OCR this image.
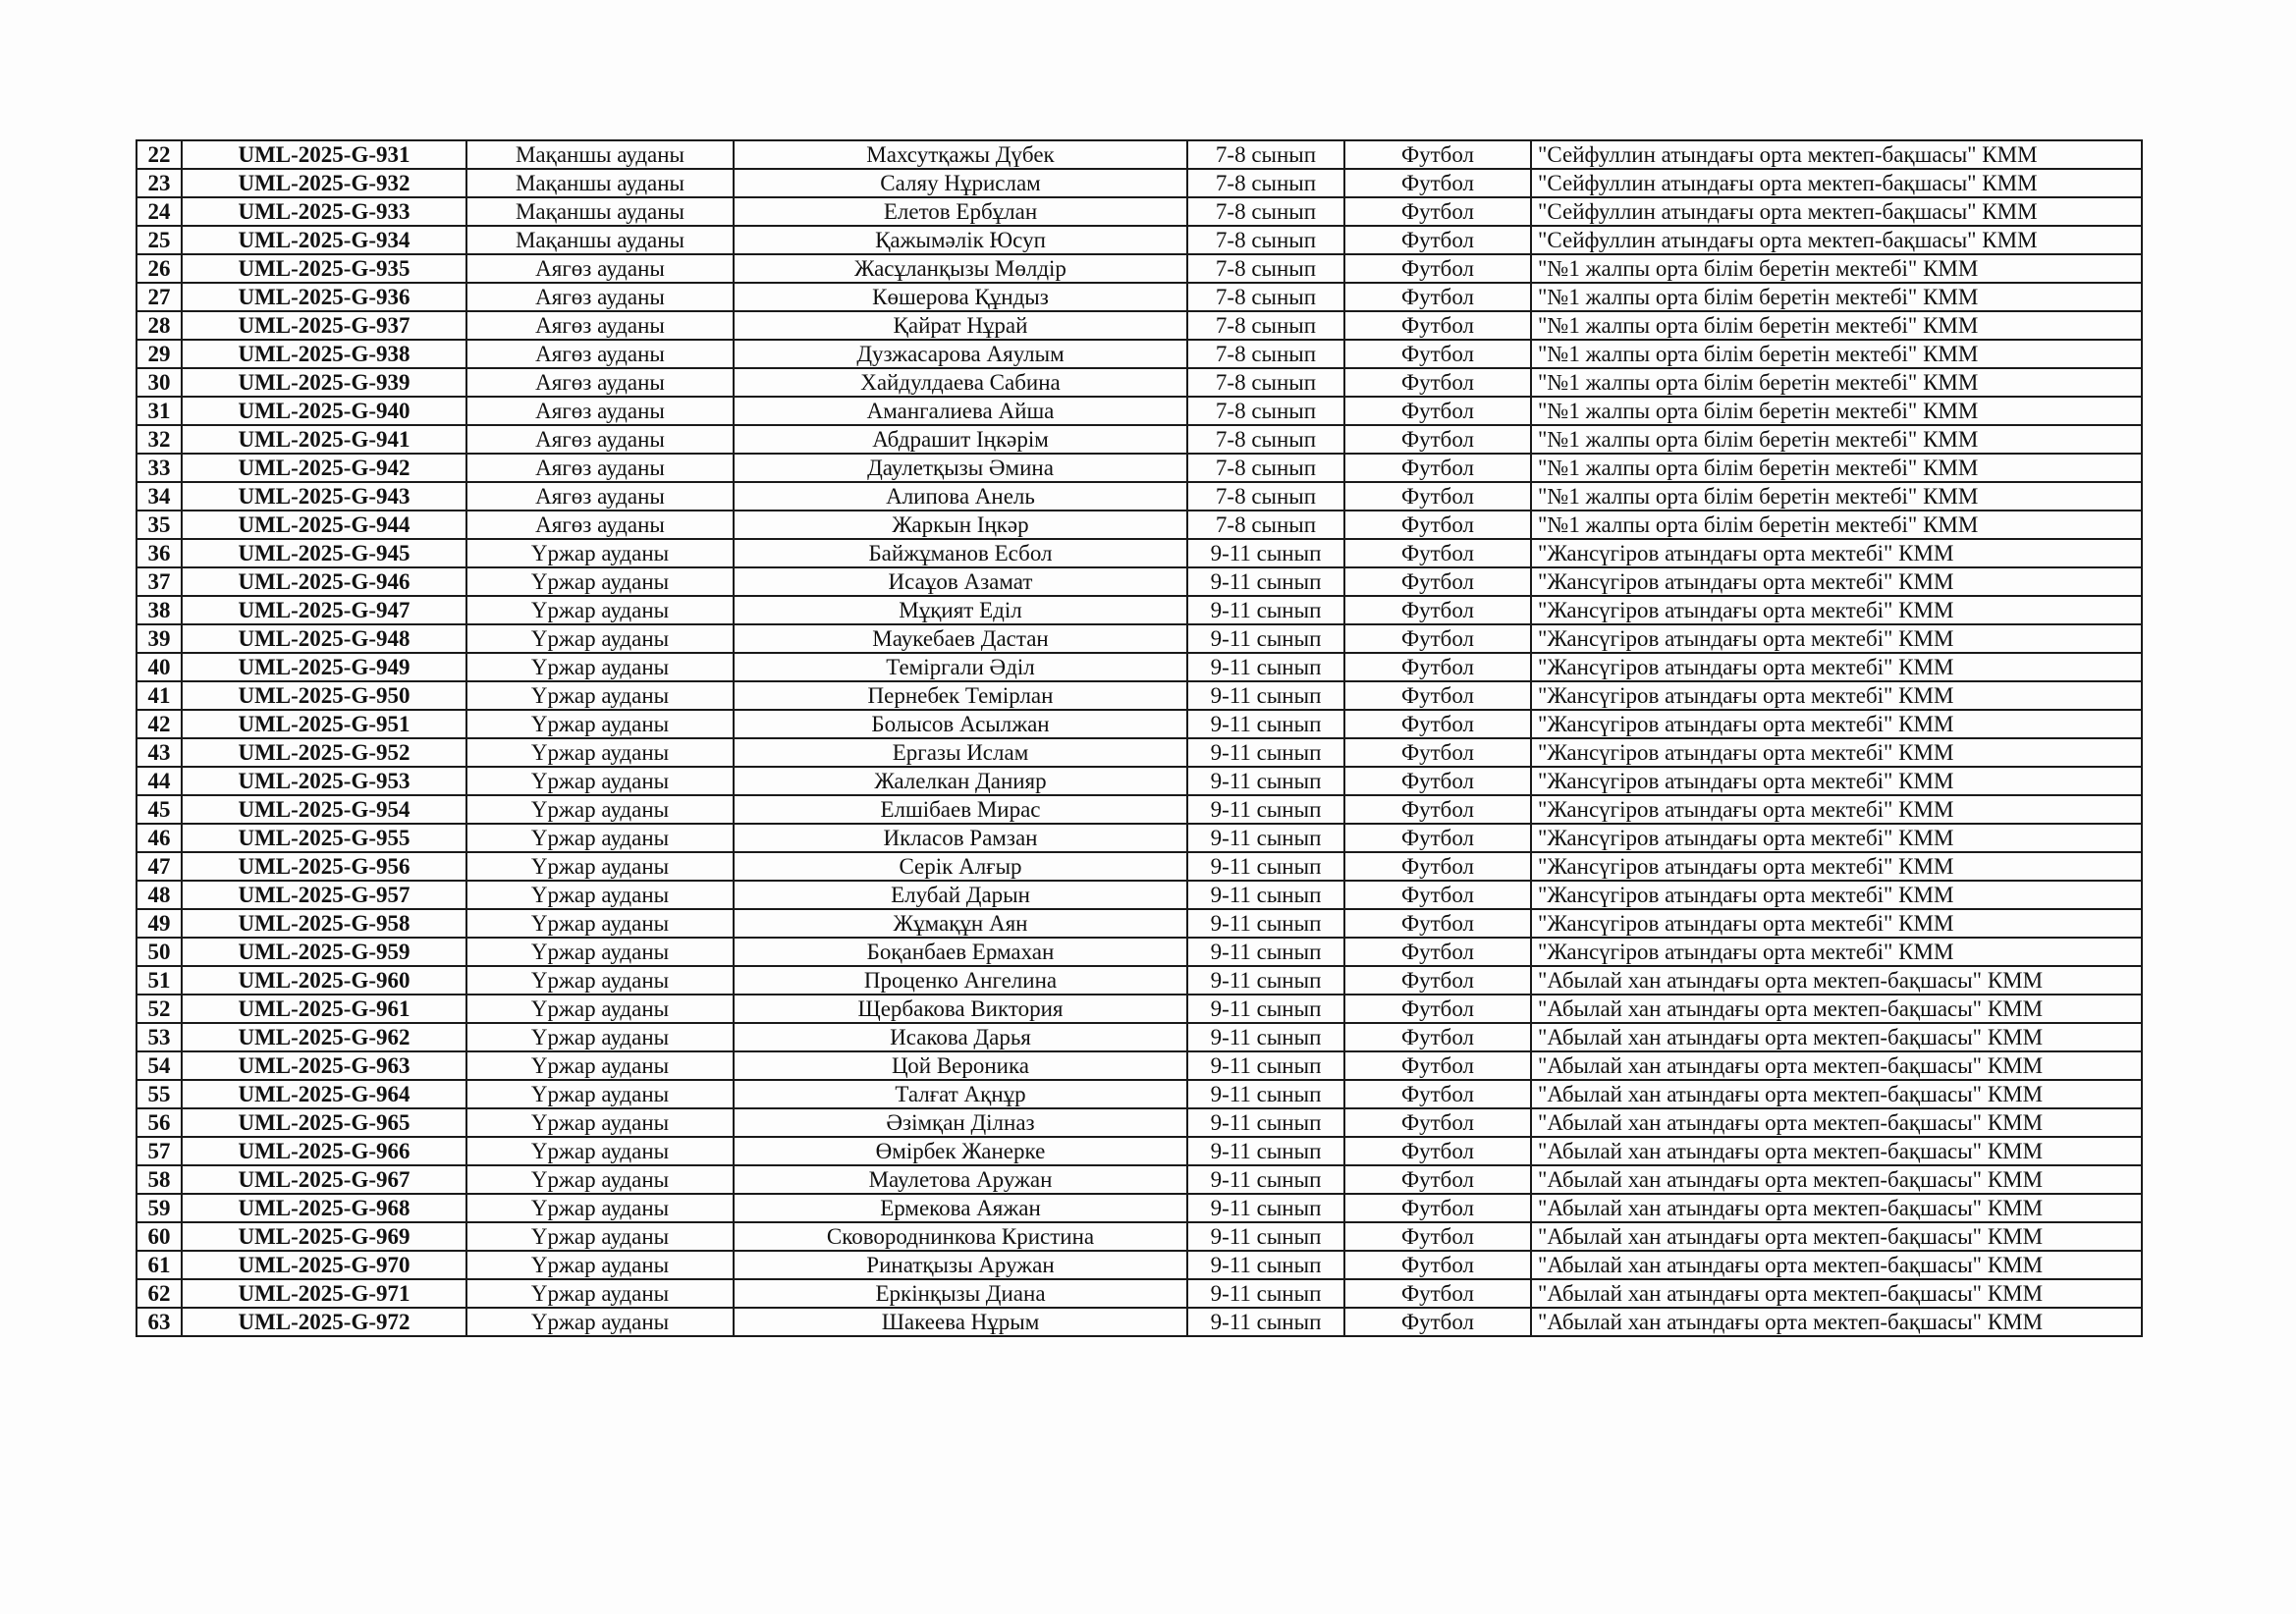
22	UML-2025-G-931	Мақаншы ауданы	Махсутқажы Дүбек	7-8 сынып	Футбол	"Сейфуллин атындағы орта мектеп-бақшасы" КММ
23	UML-2025-G-932	Мақаншы ауданы	Саляу Нұрислам	7-8 сынып	Футбол	"Сейфуллин атындағы орта мектеп-бақшасы" КММ
24	UML-2025-G-933	Мақаншы ауданы	Елетов Ербұлан	7-8 сынып	Футбол	"Сейфуллин атындағы орта мектеп-бақшасы" КММ
25	UML-2025-G-934	Мақаншы ауданы	Қажымәлік Юсуп	7-8 сынып	Футбол	"Сейфуллин атындағы орта мектеп-бақшасы" КММ
26	UML-2025-G-935	Аягөз ауданы	Жасұланқызы Мөлдір	7-8 сынып	Футбол	"№1 жалпы орта білім беретін мектебі" КММ
27	UML-2025-G-936	Аягөз ауданы	Көшерова Құндыз	7-8 сынып	Футбол	"№1 жалпы орта білім беретін мектебі" КММ
28	UML-2025-G-937	Аягөз ауданы	Қайрат Нұрай	7-8 сынып	Футбол	"№1 жалпы орта білім беретін мектебі" КММ
29	UML-2025-G-938	Аягөз ауданы	Дузжасарова Аяулым	7-8 сынып	Футбол	"№1 жалпы орта білім беретін мектебі" КММ
30	UML-2025-G-939	Аягөз ауданы	Хайдулдаева Сабина	7-8 сынып	Футбол	"№1 жалпы орта білім беретін мектебі" КММ
31	UML-2025-G-940	Аягөз ауданы	Амангалиева Айша	7-8 сынып	Футбол	"№1 жалпы орта білім беретін мектебі" КММ
32	UML-2025-G-941	Аягөз ауданы	Абдрашит Іңкәрім	7-8 сынып	Футбол	"№1 жалпы орта білім беретін мектебі" КММ
33	UML-2025-G-942	Аягөз ауданы	Даулетқызы Әмина	7-8 сынып	Футбол	"№1 жалпы орта білім беретін мектебі" КММ
34	UML-2025-G-943	Аягөз ауданы	Алипова Анель	7-8 сынып	Футбол	"№1 жалпы орта білім беретін мектебі" КММ
35	UML-2025-G-944	Аягөз ауданы	Жаркын Іңкәр	7-8 сынып	Футбол	"№1 жалпы орта білім беретін мектебі" КММ
36	UML-2025-G-945	Үржар ауданы	Байжұманов Есбол	9-11 сынып	Футбол	"Жансүгіров атындағы орта мектебі" КММ
37	UML-2025-G-946	Үржар ауданы	Исаұов Азамат	9-11 сынып	Футбол	"Жансүгіров атындағы орта мектебі" КММ
38	UML-2025-G-947	Үржар ауданы	Мұқият Еділ	9-11 сынып	Футбол	"Жансүгіров атындағы орта мектебі" КММ
39	UML-2025-G-948	Үржар ауданы	Маукебаев Дастан	9-11 сынып	Футбол	"Жансүгіров атындағы орта мектебі" КММ
40	UML-2025-G-949	Үржар ауданы	Теміргали Әділ	9-11 сынып	Футбол	"Жансүгіров атындағы орта мектебі" КММ
41	UML-2025-G-950	Үржар ауданы	Пернебек Темірлан	9-11 сынып	Футбол	"Жансүгіров атындағы орта мектебі" КММ
42	UML-2025-G-951	Үржар ауданы	Болысов Асылжан	9-11 сынып	Футбол	"Жансүгіров атындағы орта мектебі" КММ
43	UML-2025-G-952	Үржар ауданы	Ергазы Ислам	9-11 сынып	Футбол	"Жансүгіров атындағы орта мектебі" КММ
44	UML-2025-G-953	Үржар ауданы	Жалелкан Данияр	9-11 сынып	Футбол	"Жансүгіров атындағы орта мектебі" КММ
45	UML-2025-G-954	Үржар ауданы	Елшібаев Мирас	9-11 сынып	Футбол	"Жансүгіров атындағы орта мектебі" КММ
46	UML-2025-G-955	Үржар ауданы	Икласов Рамзан	9-11 сынып	Футбол	"Жансүгіров атындағы орта мектебі" КММ
47	UML-2025-G-956	Үржар ауданы	Серік Алғыр	9-11 сынып	Футбол	"Жансүгіров атындағы орта мектебі" КММ
48	UML-2025-G-957	Үржар ауданы	Елубай Дарын	9-11 сынып	Футбол	"Жансүгіров атындағы орта мектебі" КММ
49	UML-2025-G-958	Үржар ауданы	Жұмақұн Аян	9-11 сынып	Футбол	"Жансүгіров атындағы орта мектебі" КММ
50	UML-2025-G-959	Үржар ауданы	Боқанбаев Ермахан	9-11 сынып	Футбол	"Жансүгіров атындағы орта мектебі" КММ
51	UML-2025-G-960	Үржар ауданы	Проценко Ангелина	9-11 сынып	Футбол	"Абылай хан атындағы орта мектеп-бақшасы" КММ
52	UML-2025-G-961	Үржар ауданы	Щербакова Виктория	9-11 сынып	Футбол	"Абылай хан атындағы орта мектеп-бақшасы" КММ
53	UML-2025-G-962	Үржар ауданы	Исакова Дарья	9-11 сынып	Футбол	"Абылай хан атындағы орта мектеп-бақшасы" КММ
54	UML-2025-G-963	Үржар ауданы	Цой Вероника	9-11 сынып	Футбол	"Абылай хан атындағы орта мектеп-бақшасы" КММ
55	UML-2025-G-964	Үржар ауданы	Талғат Ақнұр	9-11 сынып	Футбол	"Абылай хан атындағы орта мектеп-бақшасы" КММ
56	UML-2025-G-965	Үржар ауданы	Әзімқан Ділназ	9-11 сынып	Футбол	"Абылай хан атындағы орта мектеп-бақшасы" КММ
57	UML-2025-G-966	Үржар ауданы	Өмірбек Жанерке	9-11 сынып	Футбол	"Абылай хан атындағы орта мектеп-бақшасы" КММ
58	UML-2025-G-967	Үржар ауданы	Маулетова Аружан	9-11 сынып	Футбол	"Абылай хан атындағы орта мектеп-бақшасы" КММ
59	UML-2025-G-968	Үржар ауданы	Ермекова Аяжан	9-11 сынып	Футбол	"Абылай хан атындағы орта мектеп-бақшасы" КММ
60	UML-2025-G-969	Үржар ауданы	Сковороднинкова Кристина	9-11 сынып	Футбол	"Абылай хан атындағы орта мектеп-бақшасы" КММ
61	UML-2025-G-970	Үржар ауданы	Ринатқызы Аружан	9-11 сынып	Футбол	"Абылай хан атындағы орта мектеп-бақшасы" КММ
62	UML-2025-G-971	Үржар ауданы	Еркінқызы Диана	9-11 сынып	Футбол	"Абылай хан атындағы орта мектеп-бақшасы" КММ
63	UML-2025-G-972	Үржар ауданы	Шакеева Нұрым	9-11 сынып	Футбол	"Абылай хан атындағы орта мектеп-бақшасы" КММ
